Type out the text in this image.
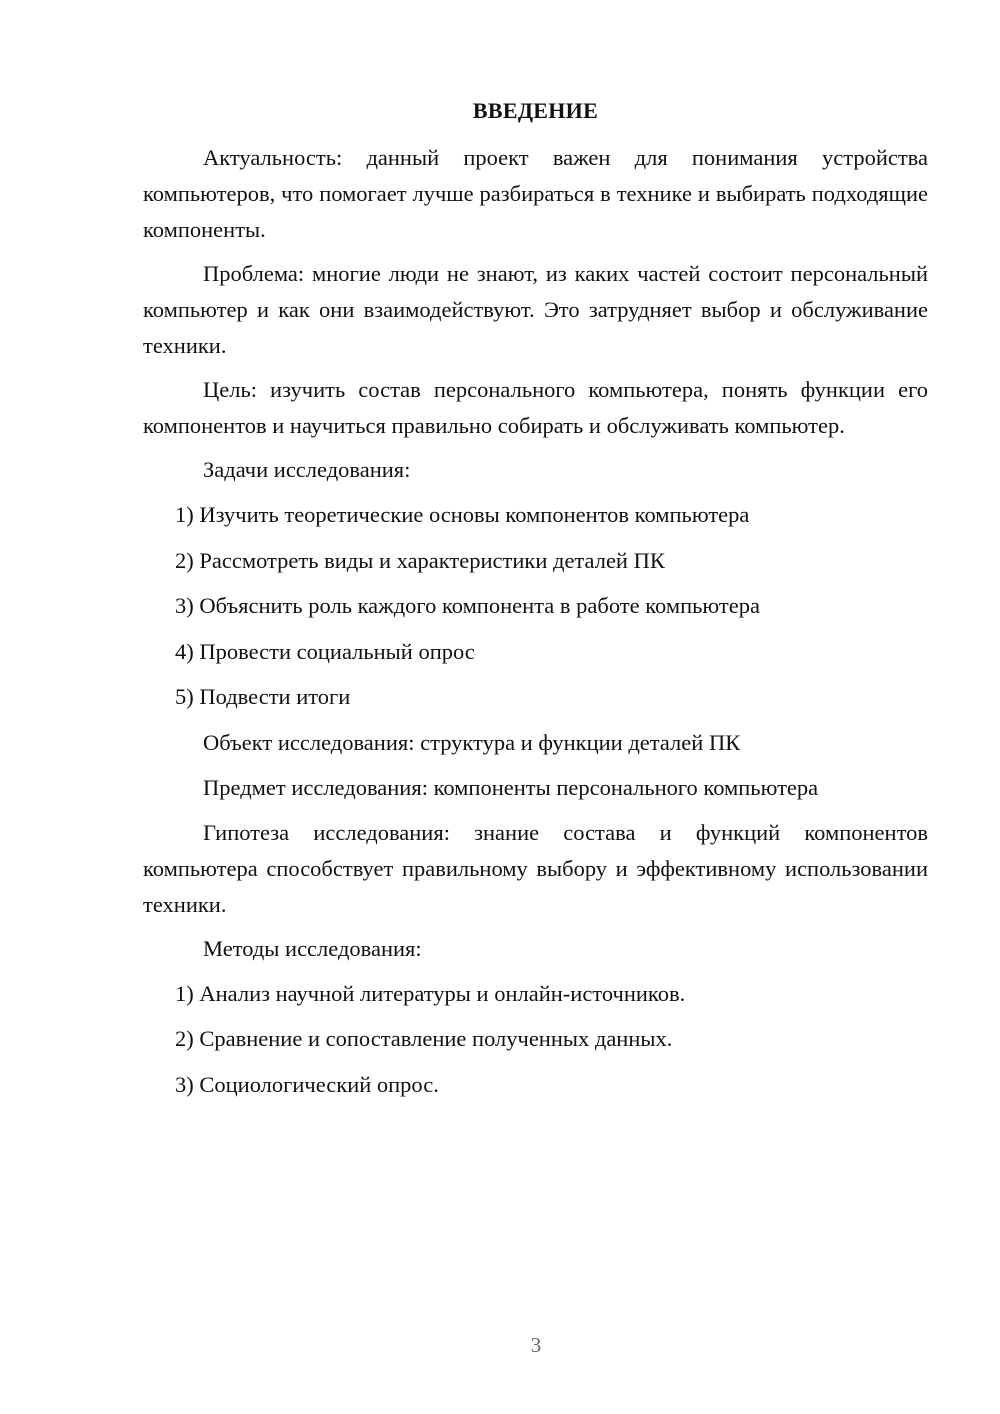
ВВЕДЕНИЕ

Актуальность: данный проект важен для понимания устройства компьютеров, что помогает лучше разбираться в технике и выбирать подходящие компоненты.

Проблема: многие люди не знают, из каких частей состоит персональный компьютер и как они взаимодействуют. Это затрудняет выбор и обслуживание техники.

Цель: изучить состав персонального компьютера, понять функции его компонентов и научиться правильно собирать и обслуживать компьютер.

Задачи исследования:
1) Изучить теоретические основы компонентов компьютера
2) Рассмотреть виды и характеристики деталей ПК
3) Объяснить роль каждого компонента в работе компьютера
4) Провести социальный опрос
5) Подвести итоги
Объект исследования: структура и функции деталей ПК
Предмет исследования: компоненты персонального компьютера

Гипотеза исследования: знание состава и функций компонентов компьютера способствует правильному выбору и эффективному использовании техники.

Методы исследования:
1) Анализ научной литературы и онлайн-источников.
2) Сравнение и сопоставление полученных данных.
3) Социологический опрос.
3
